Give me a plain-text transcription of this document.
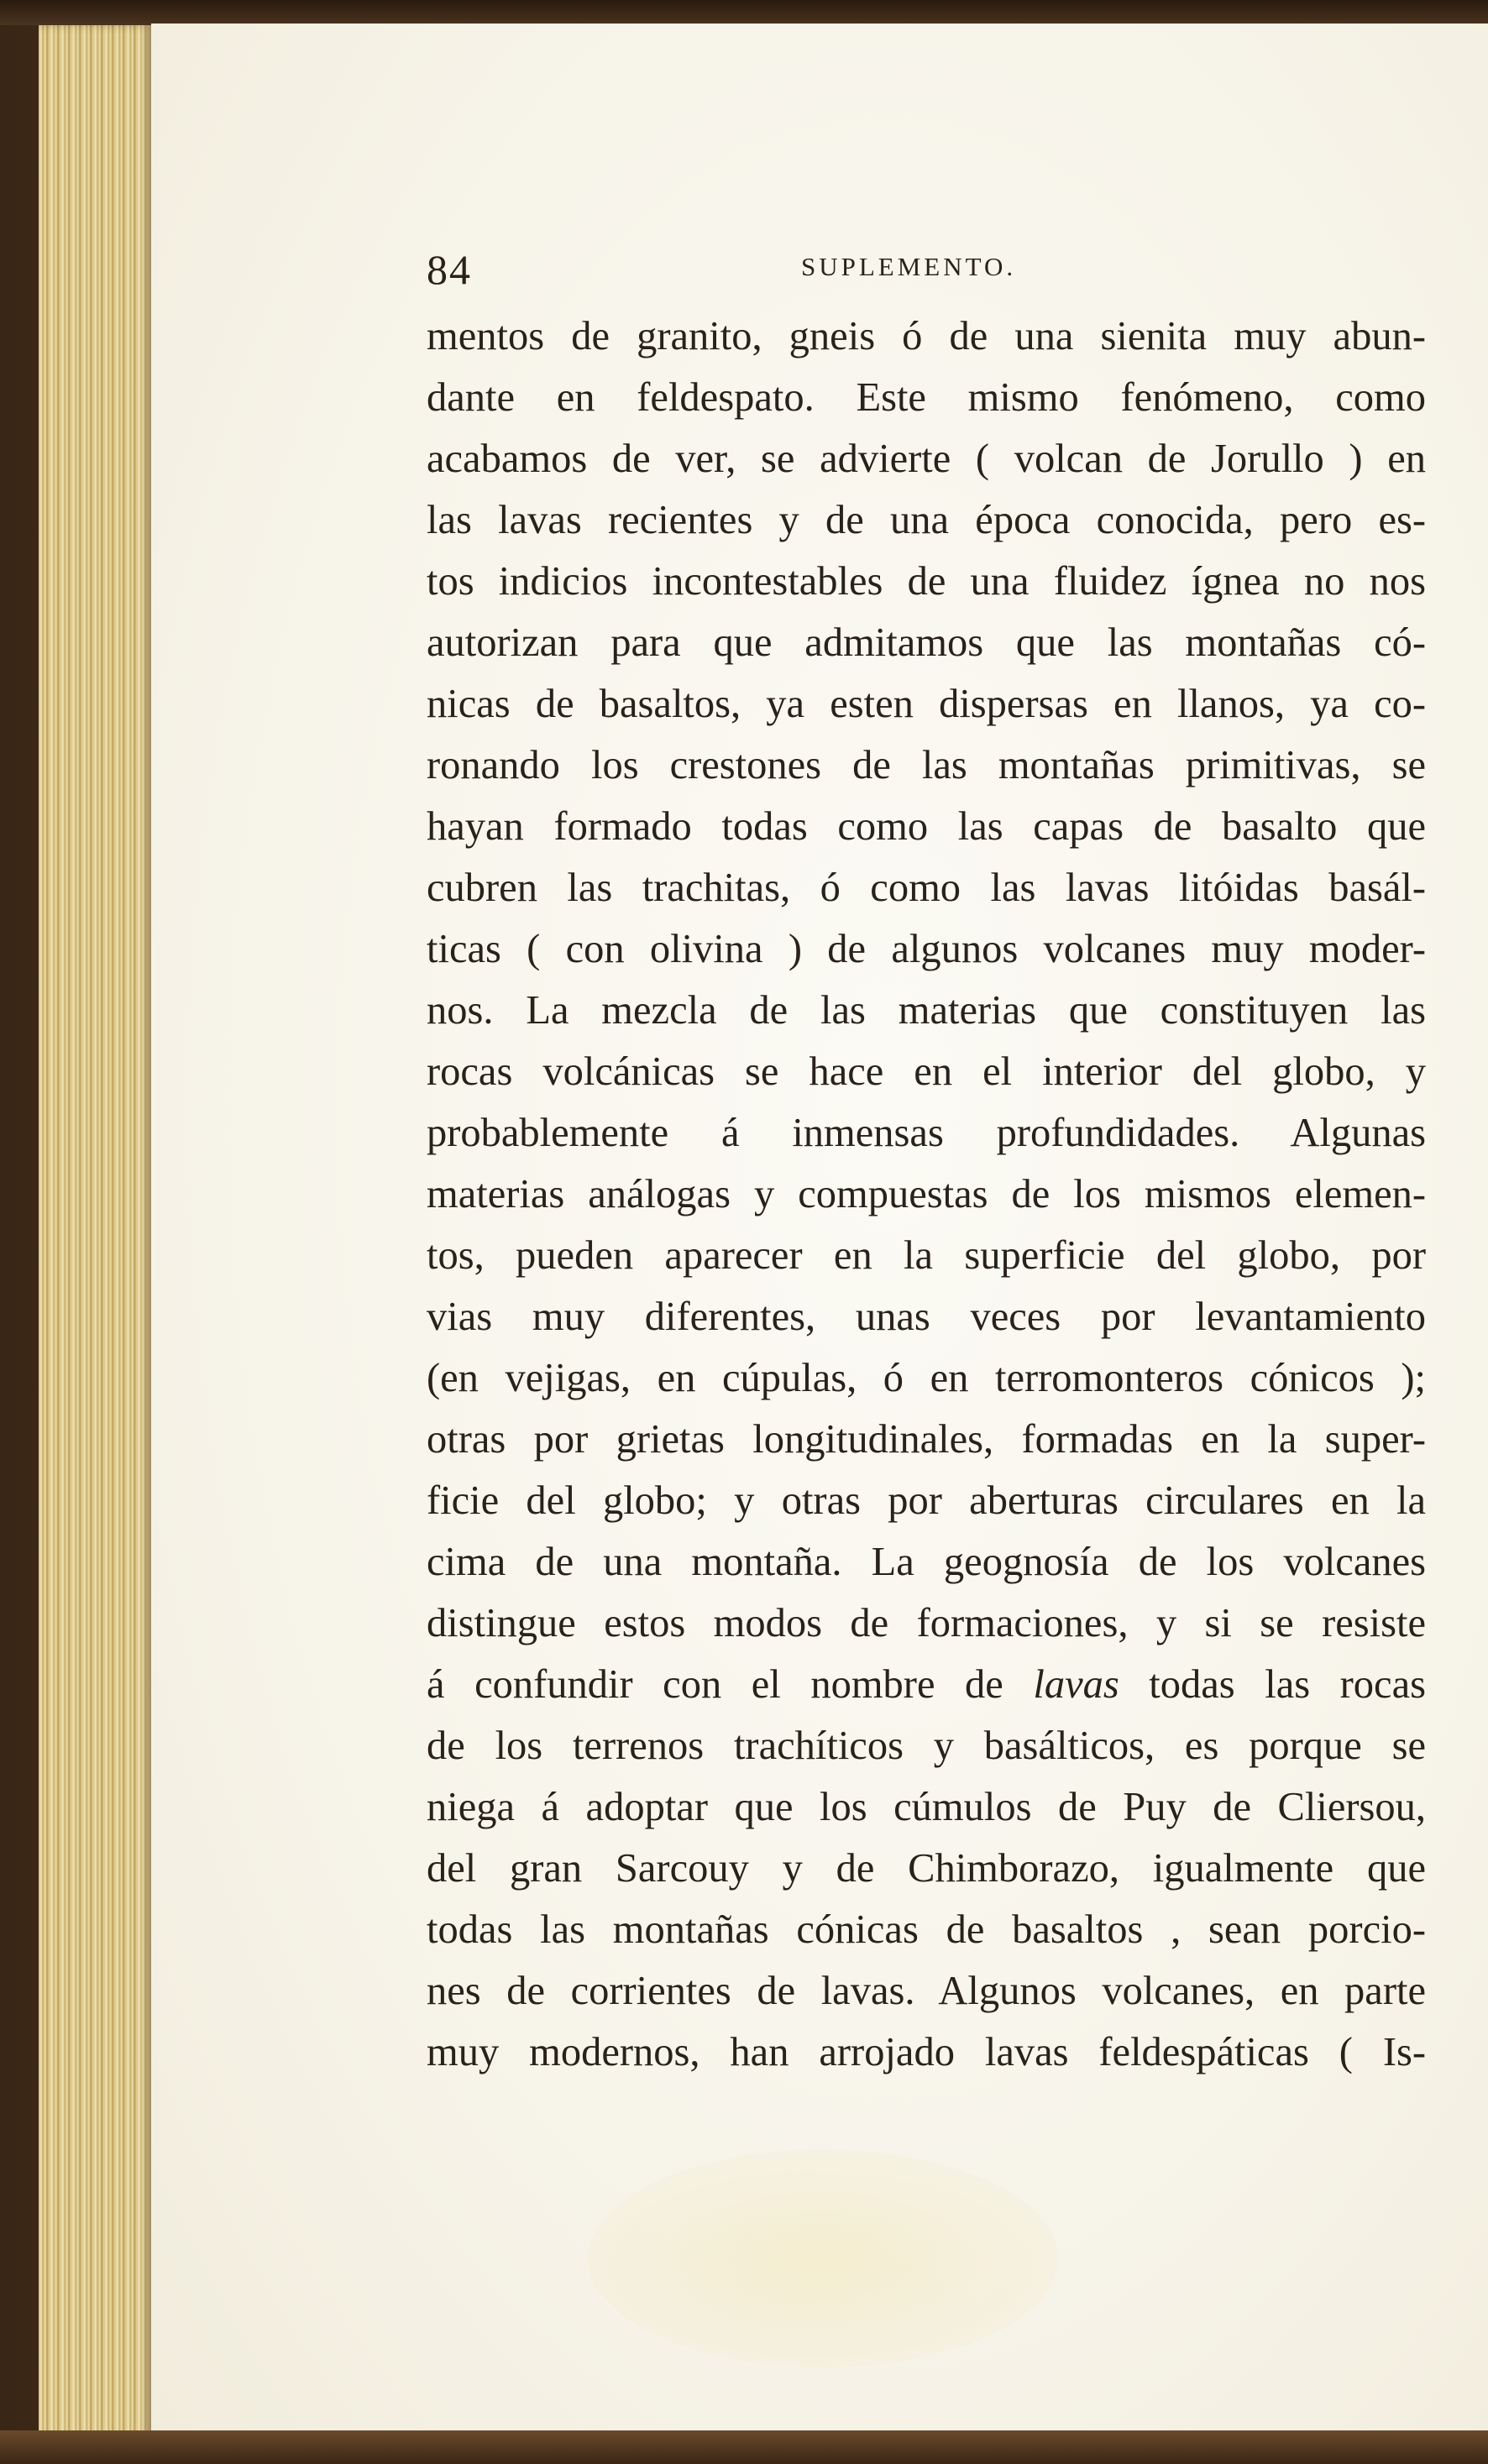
84	SUPLEMENTO.
mentos de granito, gneis ó de una sienita muy abun-
dante en feldespato. Este mismo fenómeno, como
acabamos de ver, se advierte ( volcan de Jorullo ) en
las lavas recientes y de una época conocida, pero es-
tos indicios incontestables de una fluidez ígnea no nos
autorizan para que admitamos que las montañas có-
nicas de basaltos, ya esten dispersas en llanos, ya co-
ronando los crestones de las montañas primitivas, se
hayan formado todas como las capas de basalto que
cubren las trachitas, ó como las lavas litóidas basál-
ticas ( con olivina ) de algunos volcanes muy moder-
nos. La mezcla de las materias que constituyen las
rocas volcánicas se hace en el interior del globo, y
probablemente á inmensas profundidades. Algunas
materias análogas y compuestas de los mismos elemen-
tos, pueden aparecer en la superficie del globo, por
vias muy diferentes, unas veces por levantamiento
(en vejigas, en cúpulas, ó en terromonteros cónicos );
otras por grietas longitudinales, formadas en la super-
ficie del globo; y otras por aberturas circulares en la
cima de una montaña. La geognosía de los volcanes
distingue estos modos de formaciones, y si se resiste
á confundir con el nombre de lavas todas las rocas
de los terrenos trachíticos y basálticos, es porque se
niega á adoptar que los cúmulos de Puy de Cliersou,
del gran Sarcouy y de Chimborazo, igualmente que
todas las montañas cónicas de basaltos , sean porcio-
nes de corrientes de lavas. Algunos volcanes, en parte
muy modernos, han arrojado lavas feldespáticas ( Is-
